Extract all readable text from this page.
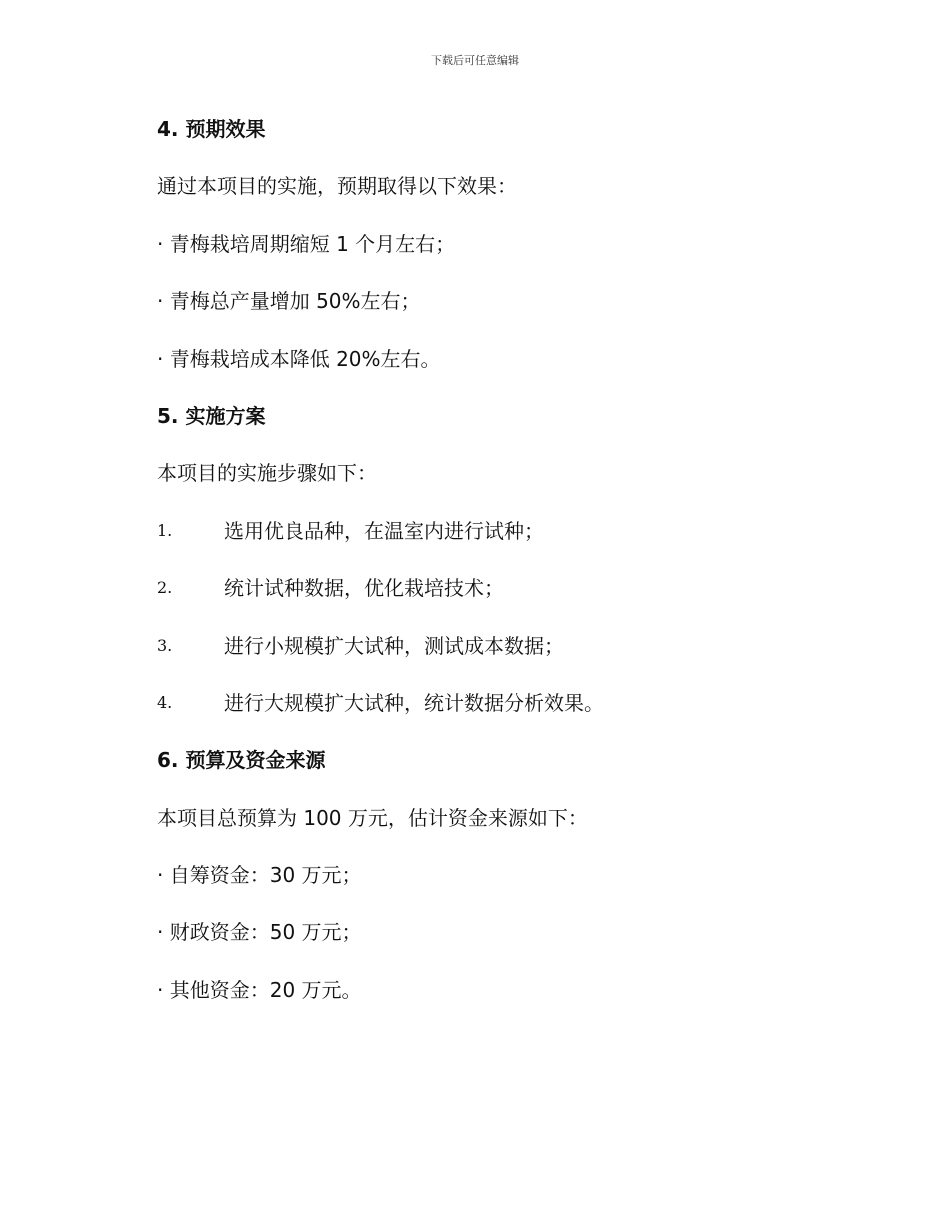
下载后可任意编辑
4. 预期效果
通过本项目的实施，预期取得以下效果：
· 青梅栽培周期缩短 1 个月左右；
· 青梅总产量增加 50%左右；
· 青梅栽培成本降低 20%左右。
5. 实施方案
本项目的实施步骤如下：
1.	选用优良品种，在温室内进行试种；
2.	统计试种数据，优化栽培技术；
3.	进行小规模扩大试种，测试成本数据；
4.	进行大规模扩大试种，统计数据分析效果。
6. 预算及资金来源
本项目总预算为 100 万元，估计资金来源如下：
· 自筹资金：30 万元；
· 财政资金：50 万元；
· 其他资金：20 万元。
